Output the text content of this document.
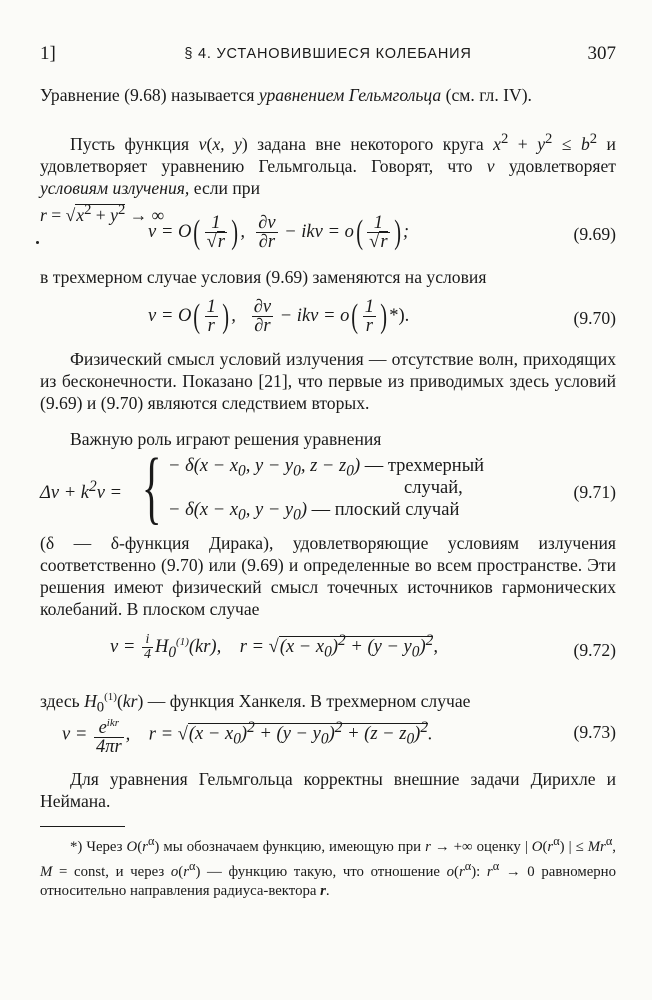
1]	§ 4. УСТАНОВИВШИЕСЯ КОЛЕБАНИЯ	307

Уравнение (9.68) называется уравнением Гельмгольца (см. гл. IV).

Пусть функция v(x, y) задана вне некоторого круга $x^2 + y^2 \le b^2$ и удовлетворяет уравнению Гельмгольца. Говорят, что v удовлетворяет условиям излучения, если при
$r = √x^2 + y^2$ → ∞

$v = O( \frac{1}{√r}$ ) , $\frac{\partial v}{\partial r}$ − ikv = $o( \frac{1}{√r}$ ) ;	(9.69)

в трехмерном случае условия (9.69) заменяются на условия

$v = O( \frac{1}{r}$ ) , $\frac{\partial v}{\partial r}$ − ikv = $o( \frac{1}{r}$ ) *).	(9.70)

Физический смысл условий излучения — отсутствие волн, приходящих из бесконечности. Показано [21], что первые из приводимых здесь условий (9.69) и (9.70) являются следствием вторых.

Важную роль играют решения уравнения

$\Delta v + k^2v$ = { − $\delta(x - x_0$, $y - y_0$, $z - z_0$) — трехмерный
случай,
− $\delta(x - x_0$, $y - y_0$) — плоский случай
(9.71)

(δ — δ-функция Дирака), удовлетворяющие условиям излучения соответственно (9.70) или (9.69) и определенные во всем пространстве. Эти решения имеют физический смысл точечных источников гармонических колебаний. В плоском случае

$v = \frac{i}{4} H_0^{(1)}(kr)$,    $r = √(x - x_0)^2 + (y - y_0)^2$,	(9.72)

здесь $H_0^{(1)}(kr)$ — функция Ханкеля. В трехмерном случае

$v = \frac{e^{ikr}}{4\pi r}$ ,    $r = √(x - x_0)^2 + (y - y_0)^2 + (z - z_0)^2$.	(9.73)

Для уравнения Гельмгольца корректны внешние задачи Дирихле и Неймана.

*) Через $O(r^\alpha)$ мы обозначаем функцию, имеющую при r → +∞ оценку | $O(r^\alpha)$ | ≤ $Mr^\alpha$, M = const, и через $o(r^\alpha)$ — функцию такую, что отношение $o(r^\alpha)$: $r^\alpha \to 0$ равномерно относительно направления радиуса-вектора r.
